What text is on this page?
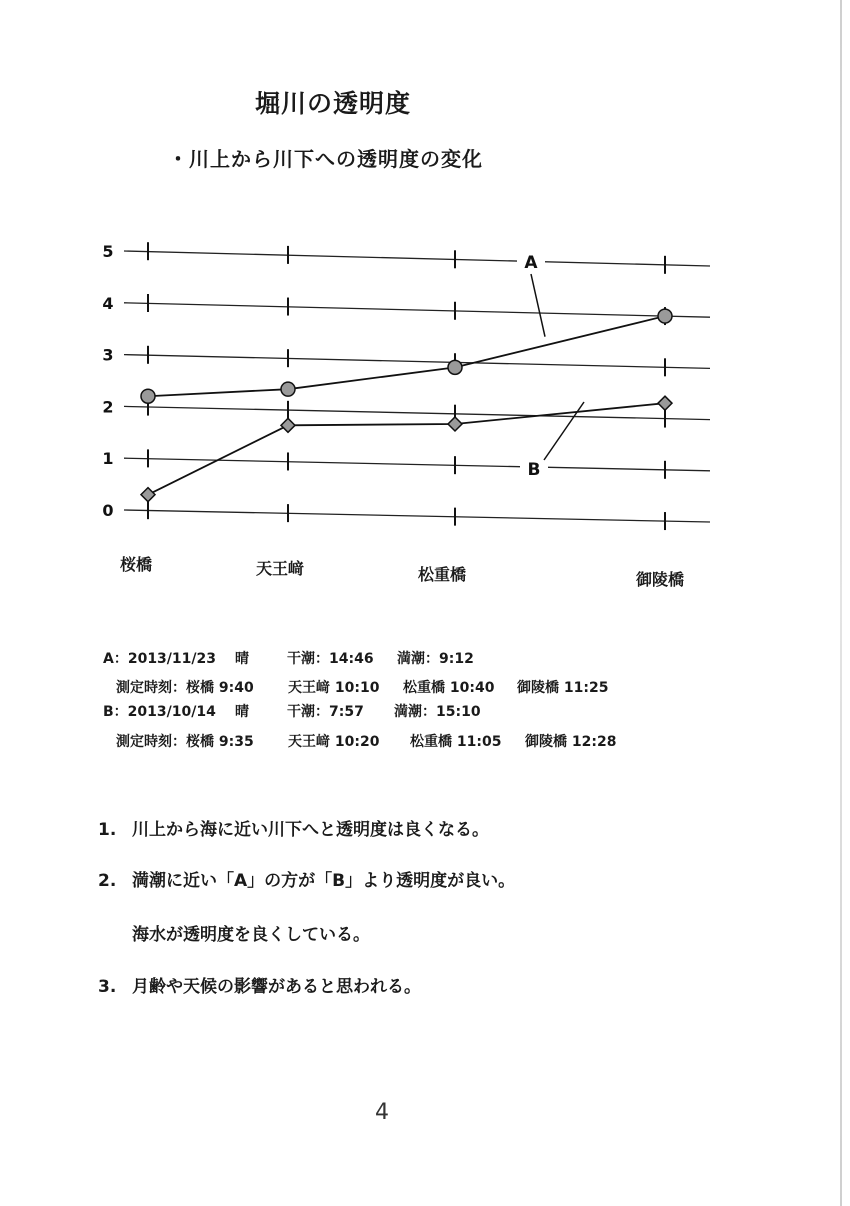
堀川の透明度
・川上から川下への透明度の変化
0
1
2
3
4
5
A
B
桜橋	天王﨑	松重橋	御陵橋
A：2013/11/23 晴	干潮：14:46 満潮：9:12
測定時刻：桜橋 9:40 天王﨑 10:10 松重橋 10:40 御陵橋 11:25
B：2013/10/14 晴	干潮：7:57 満潮：15:10
測定時刻：桜橋 9:35 天王﨑 10:20 松重橋 11:05 御陵橋 12:28
1. 川上から海に近い川下へと透明度は良くなる。
2. 満潮に近い「A」の方が「B」より透明度が良い。
海水が透明度を良くしている。
3. 月齢や天候の影響があると思われる。
4
